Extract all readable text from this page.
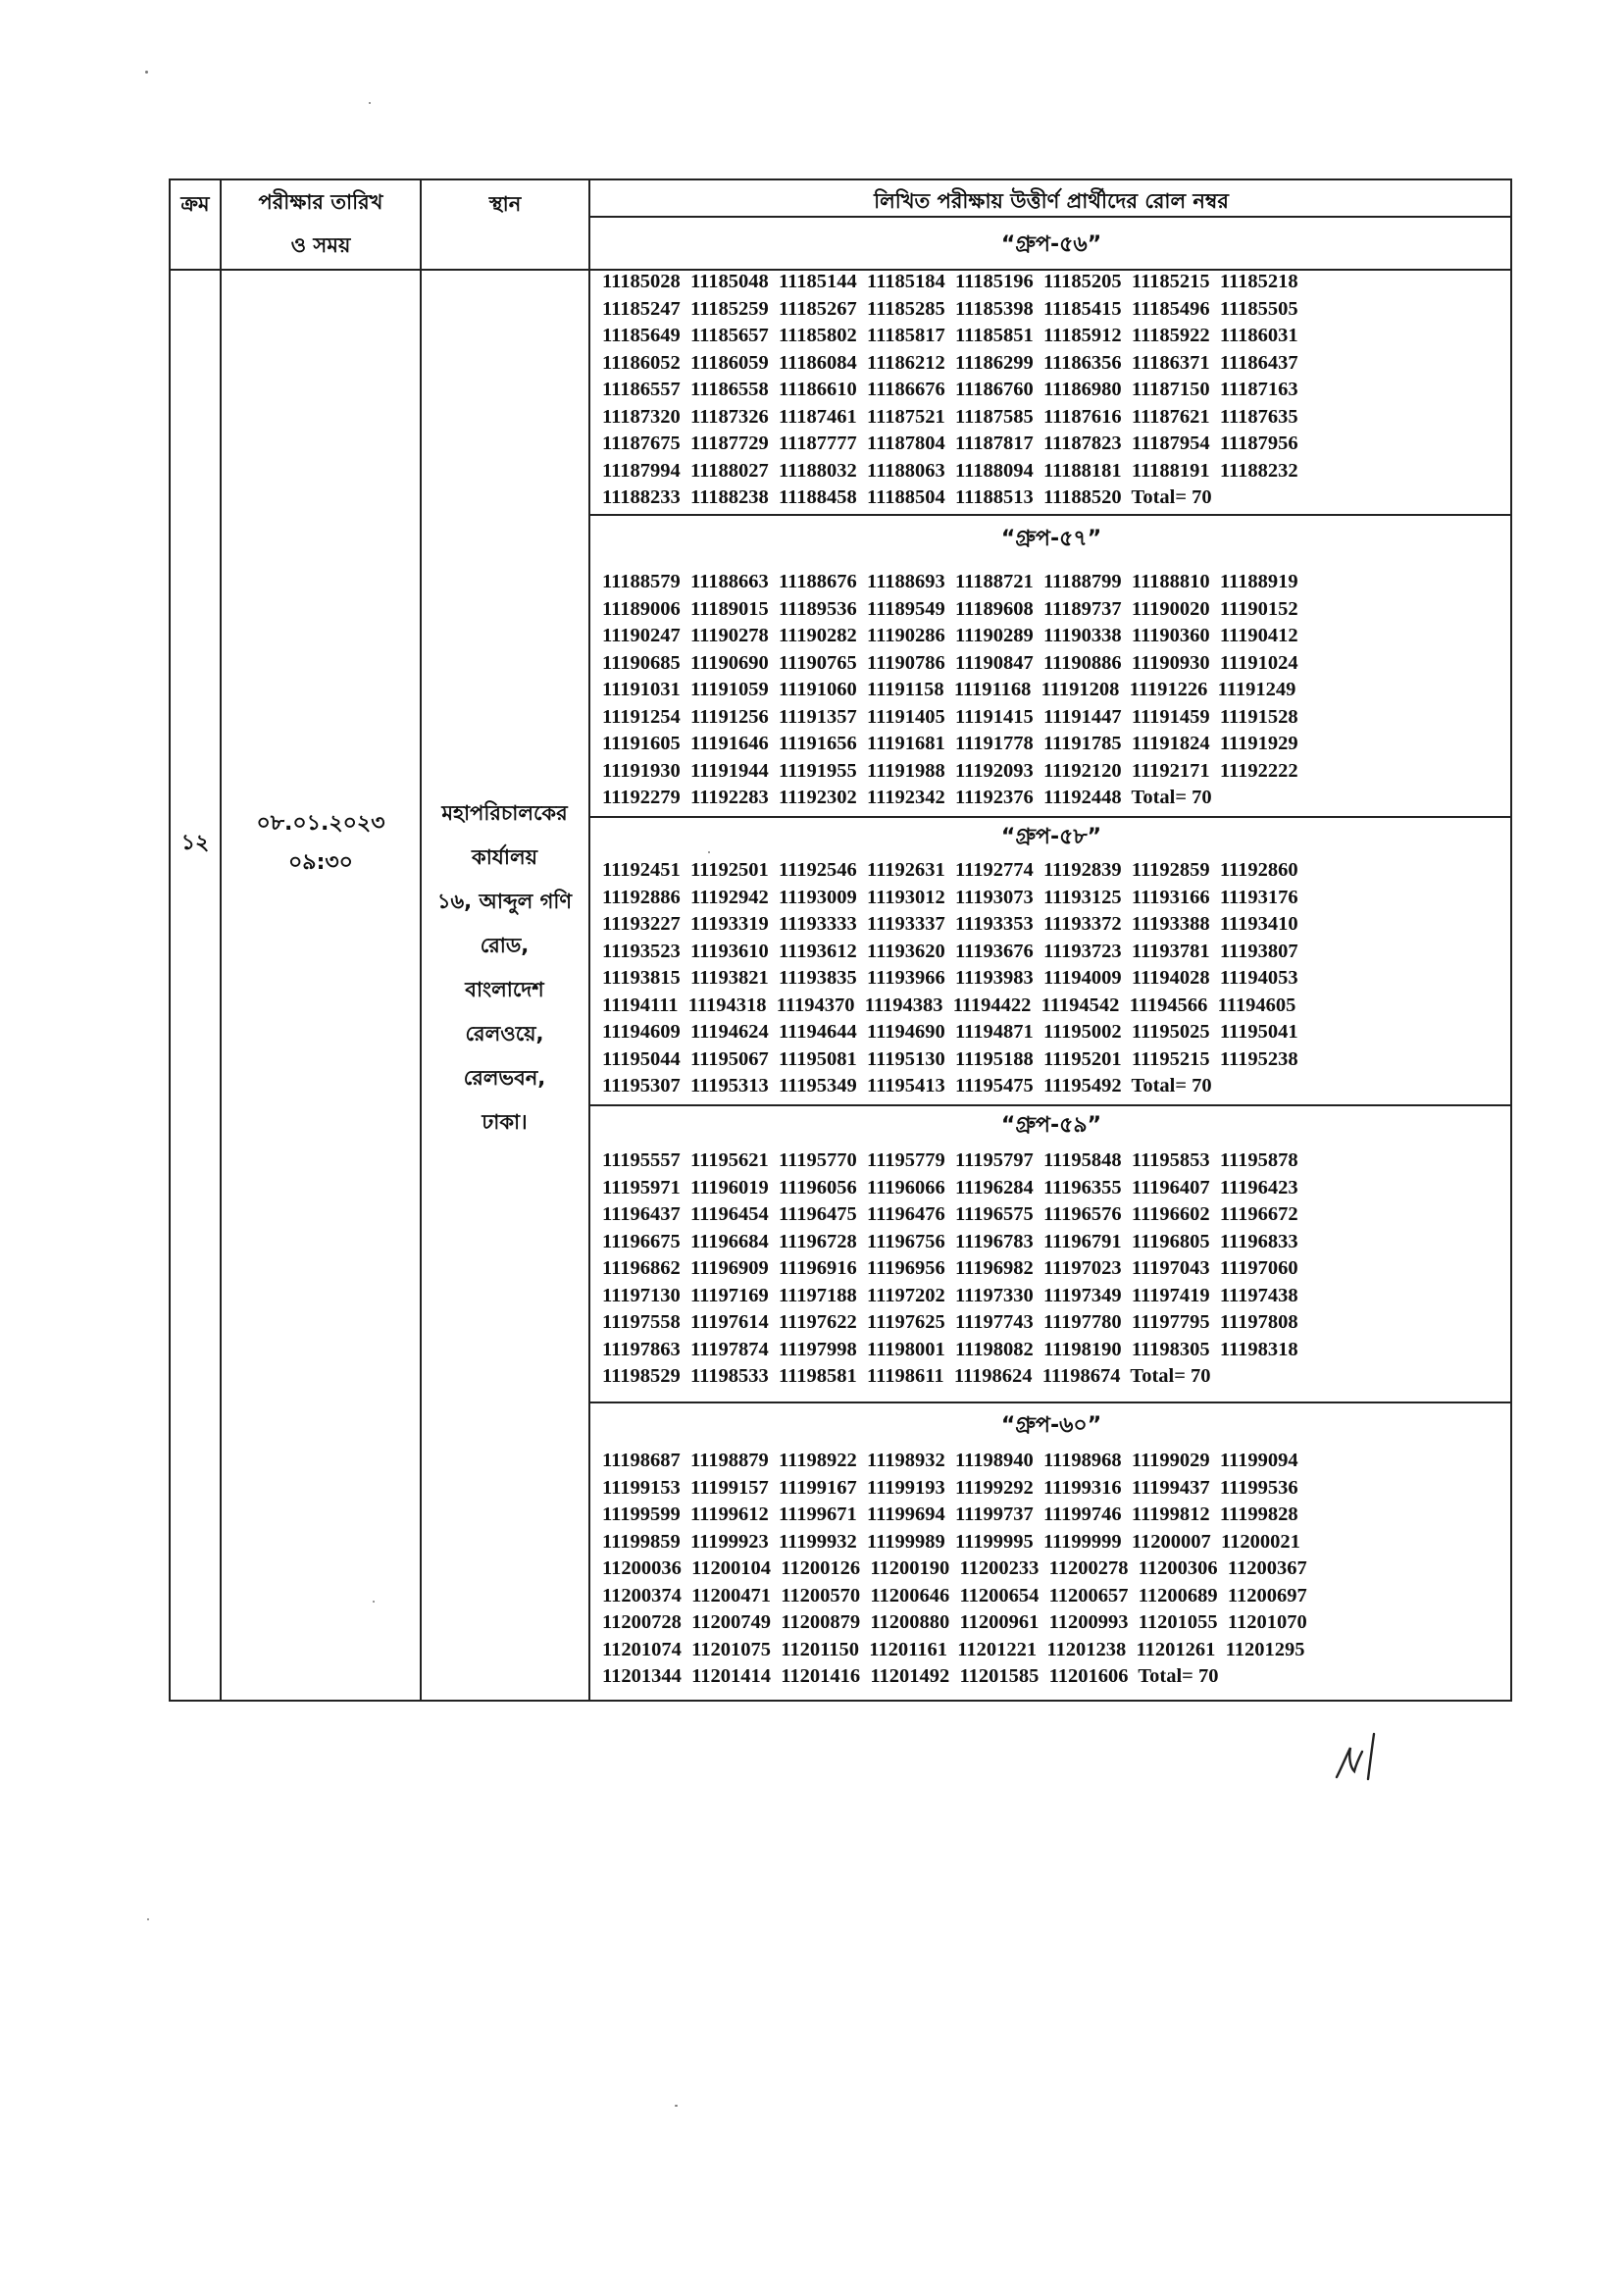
ক্রম	পরীক্ষার তারিখ
ও সময়
স্থান	লিখিত পরীক্ষায় উত্তীর্ণ প্রার্থীদের রোল নম্বর
১২
০৮.০১.২০২৩
০৯:৩০
মহাপরিচালকের
কার্যালয়
১৬, আব্দুল গণি
রোড,
বাংলাদেশ
রেলওয়ে,
রেলভবন,
ঢাকা।
“গ্রুপ-৫৬”
11185028  11185048  11185144  11185184  11185196  11185205  11185215  11185218
11185247  11185259  11185267  11185285  11185398  11185415  11185496  11185505
11185649  11185657  11185802  11185817  11185851  11185912  11185922  11186031
11186052  11186059  11186084  11186212  11186299  11186356  11186371  11186437
11186557  11186558  11186610  11186676  11186760  11186980  11187150  11187163
11187320  11187326  11187461  11187521  11187585  11187616  11187621  11187635
11187675  11187729  11187777  11187804  11187817  11187823  11187954  11187956
11187994  11188027  11188032  11188063  11188094  11188181  11188191  11188232
11188233  11188238  11188458  11188504  11188513  11188520  Total= 70
“গ্রুপ-৫৭”
11188579  11188663  11188676  11188693  11188721  11188799  11188810  11188919
11189006  11189015  11189536  11189549  11189608  11189737  11190020  11190152
11190247  11190278  11190282  11190286  11190289  11190338  11190360  11190412
11190685  11190690  11190765  11190786  11190847  11190886  11190930  11191024
11191031  11191059  11191060  11191158  11191168  11191208  11191226  11191249
11191254  11191256  11191357  11191405  11191415  11191447  11191459  11191528
11191605  11191646  11191656  11191681  11191778  11191785  11191824  11191929
11191930  11191944  11191955  11191988  11192093  11192120  11192171  11192222
11192279  11192283  11192302  11192342  11192376  11192448  Total= 70
“গ্রুপ-৫৮”
11192451  11192501  11192546  11192631  11192774  11192839  11192859  11192860
11192886  11192942  11193009  11193012  11193073  11193125  11193166  11193176
11193227  11193319  11193333  11193337  11193353  11193372  11193388  11193410
11193523  11193610  11193612  11193620  11193676  11193723  11193781  11193807
11193815  11193821  11193835  11193966  11193983  11194009  11194028  11194053
11194111  11194318  11194370  11194383  11194422  11194542  11194566  11194605
11194609  11194624  11194644  11194690  11194871  11195002  11195025  11195041
11195044  11195067  11195081  11195130  11195188  11195201  11195215  11195238
11195307  11195313  11195349  11195413  11195475  11195492  Total= 70
“গ্রুপ-৫৯”
11195557  11195621  11195770  11195779  11195797  11195848  11195853  11195878
11195971  11196019  11196056  11196066  11196284  11196355  11196407  11196423
11196437  11196454  11196475  11196476  11196575  11196576  11196602  11196672
11196675  11196684  11196728  11196756  11196783  11196791  11196805  11196833
11196862  11196909  11196916  11196956  11196982  11197023  11197043  11197060
11197130  11197169  11197188  11197202  11197330  11197349  11197419  11197438
11197558  11197614  11197622  11197625  11197743  11197780  11197795  11197808
11197863  11197874  11197998  11198001  11198082  11198190  11198305  11198318
11198529  11198533  11198581  11198611  11198624  11198674  Total= 70
“গ্রুপ-৬০”
11198687  11198879  11198922  11198932  11198940  11198968  11199029  11199094
11199153  11199157  11199167  11199193  11199292  11199316  11199437  11199536
11199599  11199612  11199671  11199694  11199737  11199746  11199812  11199828
11199859  11199923  11199932  11199989  11199995  11199999  11200007  11200021
11200036  11200104  11200126  11200190  11200233  11200278  11200306  11200367
11200374  11200471  11200570  11200646  11200654  11200657  11200689  11200697
11200728  11200749  11200879  11200880  11200961  11200993  11201055  11201070
11201074  11201075  11201150  11201161  11201221  11201238  11201261  11201295
11201344  11201414  11201416  11201492  11201585  11201606  Total= 70
